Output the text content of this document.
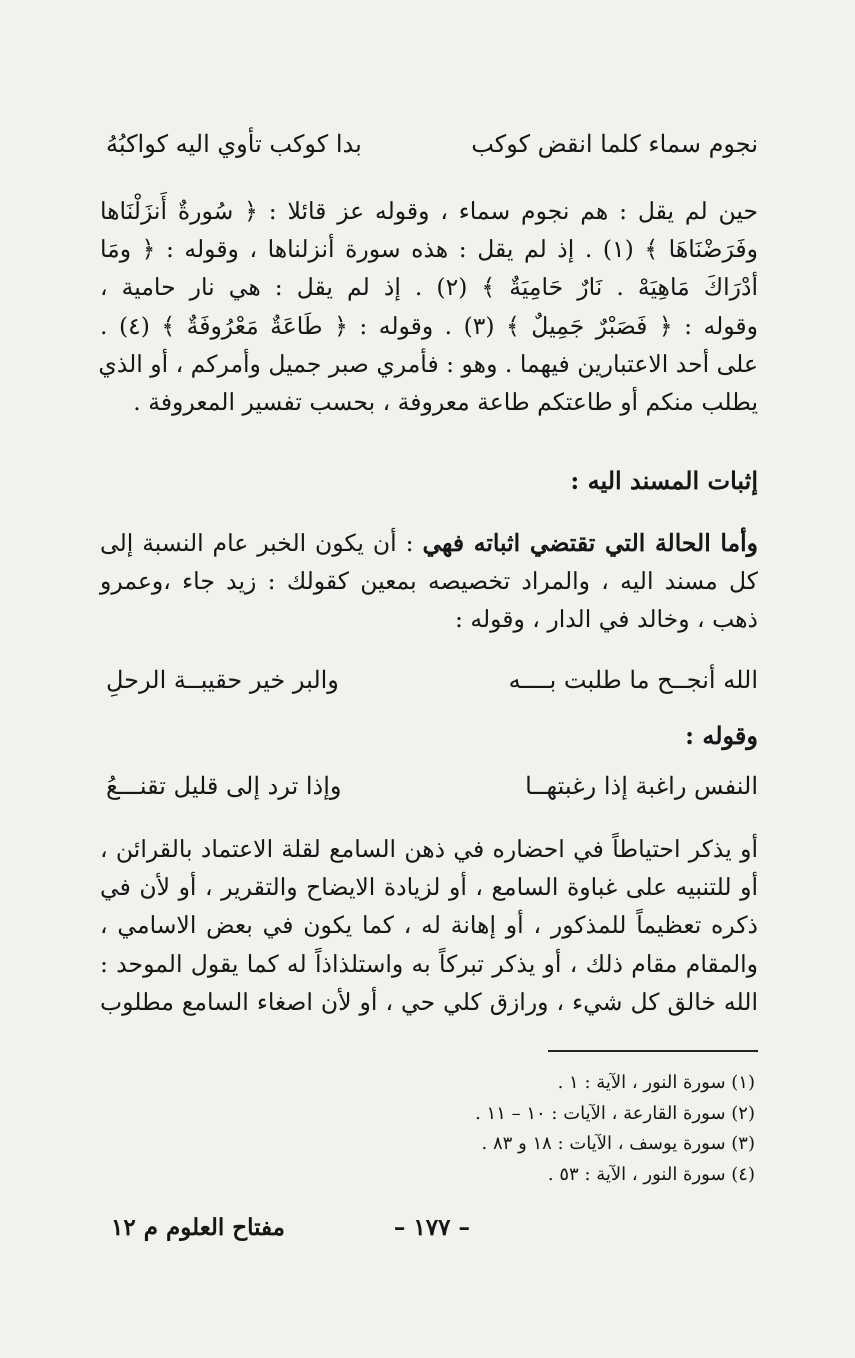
نجوم سماء كلما انقض كوكب
بدا كوكب تأوي اليه كواكبُهُ
حين لم يقل : هم نجوم سماء ، وقوله عز قائلا : ﴿ سُورةٌ أَنزَلْنَاها
وفَرَضْنَاهَا ﴾ (١) . إذ لم يقل : هذه سورة أنزلناها ، وقوله : ﴿ ومَا
أدْرَاكَ مَاهِيَهْ . نَارٌ حَامِيَةٌ ﴾ (٢) . إذ لم يقل : هي نار حامية ،
وقوله : ﴿ فَصَبْرٌ جَمِيلٌ ﴾ (٣) . وقوله : ﴿ طَاعَةٌ مَعْرُوفَةٌ ﴾ (٤) .
على أحد الاعتبارين فيهما . وهو : فأمري صبر جميل وأمركم ، أو الذي
يطلب منكم أو طاعتكم طاعة معروفة ، بحسب تفسير المعروفة .
إثبات المسند اليه :
وأما الحالة التي تقتضي اثباته فهي : أن يكون الخبر عام النسبة إلى
كل مسند اليه ، والمراد تخصيصه بمعين كقولك : زيد جاء ،وعمرو
ذهب ، وخالد في الدار ، وقوله :
الله أنجــح ما طلبت بــــه
والبر خير حقيبــة الرحلِ
وقوله :
النفس راغبة إذا رغبتهــا
وإذا ترد إلى قليل تقنـــعُ
أو يذكر احتياطاً في احضاره في ذهن السامع لقلة الاعتماد بالقرائن ،
أو للتنبيه على غباوة السامع ، أو لزيادة الايضاح والتقرير ، أو لأن في
ذكره تعظيماً للمذكور ، أو إهانة له ، كما يكون في بعض الاسامي ،
والمقام مقام ذلك ، أو يذكر تبركاً به واستلذاذاً له كما يقول الموحد :
الله خالق كل شيء ، ورازق كلي حي ، أو لأن اصغاء السامع مطلوب
(١) سورة النور ، الآية : ١ .
(٢) سورة القارعة ، الآيات : ١٠ – ١١ .
(٣) سورة يوسف ، الآيات : ١٨ و ٨٣ .
(٤) سورة النور ، الآية : ٥٣ .
– ١٧٧ –
مفتاح العلوم م ١٢
